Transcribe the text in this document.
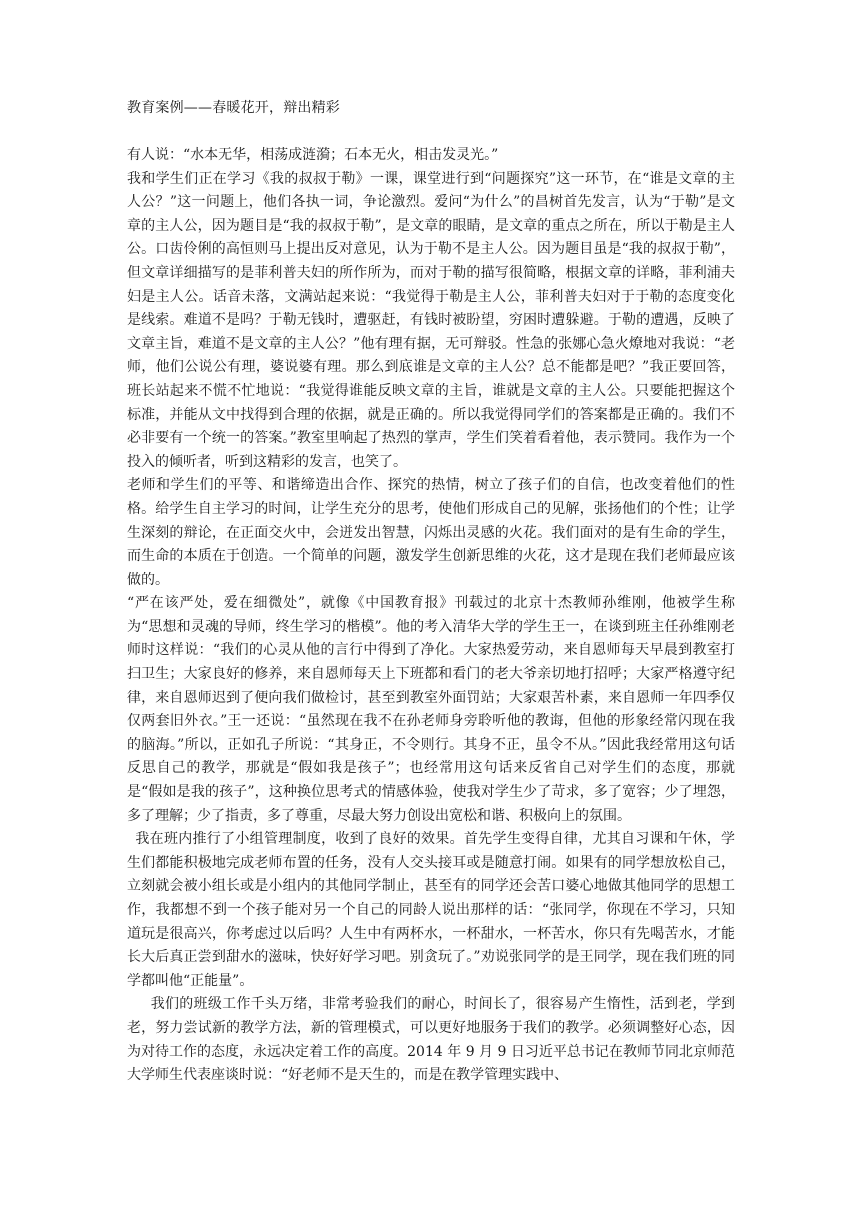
教育案例——春暖花开，辩出精彩

有人说：“水本无华，相荡成涟漪；石本无火，相击发灵光。”

我和学生们正在学习《我的叔叔于勒》一课，课堂进行到“问题探究”这一环节，在“谁是文章的主人公？”这一问题上，他们各执一词，争论激烈。爱问“为什么”的昌树首先发言，认为“于勒”是文章的主人公，因为题目是“我的叔叔于勒”，是文章的眼睛，是文章的重点之所在，所以于勒是主人公。口齿伶俐的高恒则马上提出反对意见，认为于勒不是主人公。因为题目虽是“我的叔叔于勒”，但文章详细描写的是菲利普夫妇的所作所为，而对于勒的描写很简略，根据文章的详略，菲利浦夫妇是主人公。话音未落，文满站起来说：“我觉得于勒是主人公，菲利普夫妇对于于勒的态度变化是线索。难道不是吗？于勒无钱时，遭驱赶，有钱时被盼望，穷困时遭躲避。于勒的遭遇，反映了文章主旨，难道不是文章的主人公？”他有理有据，无可辩驳。性急的张娜心急火燎地对我说：“老师，他们公说公有理，婆说婆有理。那么到底谁是文章的主人公？总不能都是吧？”我正要回答，班长站起来不慌不忙地说：“我觉得谁能反映文章的主旨，谁就是文章的主人公。只要能把握这个标准，并能从文中找得到合理的依据，就是正确的。所以我觉得同学们的答案都是正确的。我们不必非要有一个统一的答案。”教室里响起了热烈的掌声，学生们笑着看着他，表示赞同。我作为一个投入的倾听者，听到这精彩的发言，也笑了。

老师和学生们的平等、和谐缔造出合作、探究的热情，树立了孩子们的自信，也改变着他们的性格。给学生自主学习的时间，让学生充分的思考，使他们形成自己的见解，张扬他们的个性；让学生深刻的辩论，在正面交火中，会迸发出智慧，闪烁出灵感的火花。我们面对的是有生命的学生，而生命的本质在于创造。一个简单的问题，激发学生创新思维的火花，这才是现在我们老师最应该做的。

“严在该严处，爱在细微处”，就像《中国教育报》刊载过的北京十杰教师孙维刚，他被学生称为“思想和灵魂的导师，终生学习的楷模”。他的考入清华大学的学生王一，在谈到班主任孙维刚老师时这样说：“我们的心灵从他的言行中得到了净化。大家热爱劳动，来自恩师每天早晨到教室打扫卫生；大家良好的修养，来自恩师每天上下班都和看门的老大爷亲切地打招呼；大家严格遵守纪律，来自恩师迟到了便向我们做检讨，甚至到教室外面罚站；大家艰苦朴素，来自恩师一年四季仅仅两套旧外衣。”王一还说：“虽然现在我不在孙老师身旁聆听他的教诲，但他的形象经常闪现在我的脑海。”所以，正如孔子所说：“其身正，不令则行。其身不正，虽令不从。”因此我经常用这句话反思自己的教学，那就是“假如我是孩子”；也经常用这句话来反省自己对学生们的态度，那就是“假如是我的孩子”，这种换位思考式的情感体验，使我对学生少了苛求，多了宽容；少了埋怨，多了理解；少了指责，多了尊重，尽最大努力创设出宽松和谐、积极向上的氛围。

我在班内推行了小组管理制度，收到了良好的效果。首先学生变得自律，尤其自习课和午休，学生们都能积极地完成老师布置的任务，没有人交头接耳或是随意打闹。如果有的同学想放松自己，立刻就会被小组长或是小组内的其他同学制止，甚至有的同学还会苦口婆心地做其他同学的思想工作，我都想不到一个孩子能对另一个自己的同龄人说出那样的话：“张同学，你现在不学习，只知道玩是很高兴，你考虑过以后吗？人生中有两杯水，一杯甜水，一杯苦水，你只有先喝苦水，才能长大后真正尝到甜水的滋味，快好好学习吧。别贪玩了。”劝说张同学的是王同学，现在我们班的同学都叫他“正能量”。

我们的班级工作千头万绪，非常考验我们的耐心，时间长了，很容易产生惰性，活到老，学到老，努力尝试新的教学方法，新的管理模式，可以更好地服务于我们的教学。必须调整好心态，因为对待工作的态度，永远决定着工作的高度。2014 年 9 月 9 日习近平总书记在教师节同北京师范大学师生代表座谈时说：“好老师不是天生的，而是在教学管理实践中、
